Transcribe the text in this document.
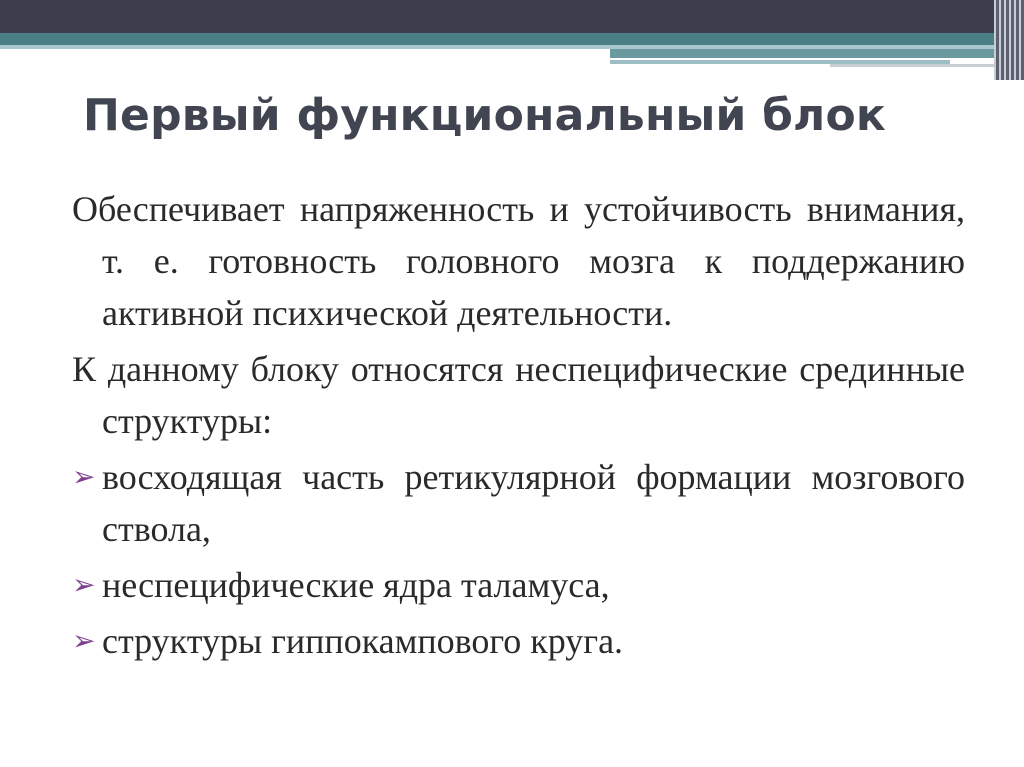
Первый функциональный блок

Обеспечивает напряженность и устойчивость внимания, т. е. готовность головного мозга к поддержанию активной психической деятельности.

К данному блоку относятся неспецифические срединные структуры:

➢ восходящая часть ретикулярной формации мозгового ствола,
➢ неспецифические ядра таламуса,
➢ структуры гиппокампового круга.
